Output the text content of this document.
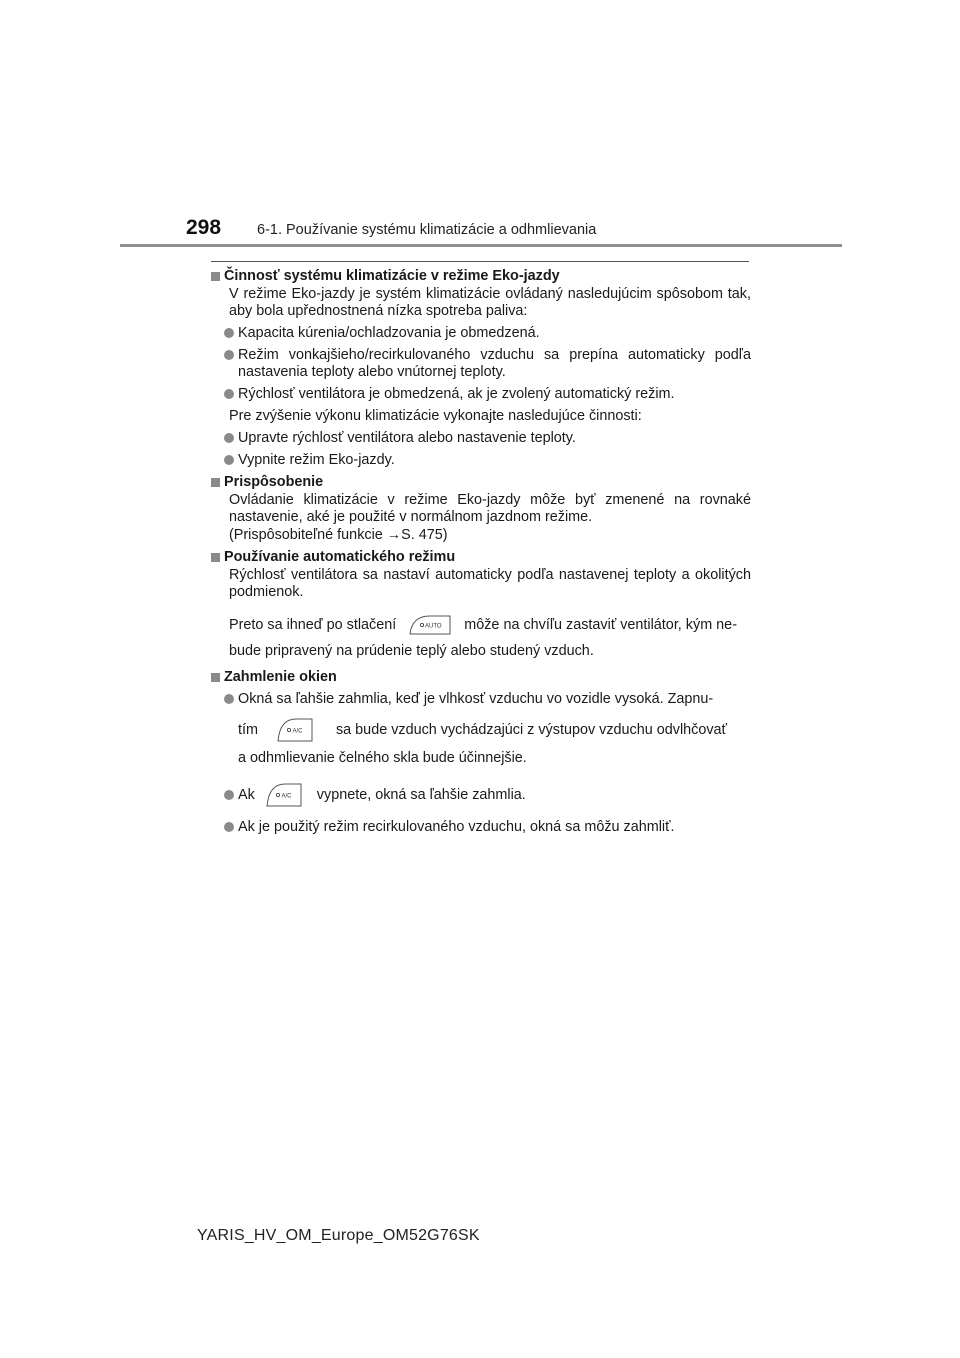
298 6-1. Používanie systému klimatizácie a odhmlievania
Činnosť systému klimatizácie v režime Eko-jazdy
V režime Eko-jazdy je systém klimatizácie ovládaný nasledujúcim spôsobom tak, aby bola upřednostnená nízka spotreba paliva:
Kapacita kúrenia/ochladzovania je obmedzená.
Režim vonkajšieho/recirkulovaného vzduchu sa prepína automaticky podľa nastavenia teploty alebo vnútornej teploty.
Rýchlosť ventilátora je obmedzená, ak je zvolený automatický režim.
Pre zvýšenie výkonu klimatizácie vykonajte nasledujúce činnosti:
Upravte rýchlosť ventilátora alebo nastavenie teploty.
Vypnite režim Eko-jazdy.
Prispôsobenie
Ovládanie klimatizácie v režime Eko-jazdy môže byť zmenené na rovnaké nastavenie, aké je použité v normálnom jazdnom režime.
(Prispôsobiteľné funkcie →S. 475)
Používanie automatického režimu
Rýchlosť ventilátora sa nastaví automaticky podľa nastavenej teploty a okolitých podmienok.
Preto sa ihneď po stlačení	AUTO môže na chvíľu zastaviť ventilátor, kým ne-
bude pripravený na prúdenie teplý alebo studený vzduch.
Zahmlenie okien
Okná sa ľahšie zahmlia, keď je vlhkosť vzduchu vo vozidle vysoká. Zapnu-
tím	A/C sa bude vzduch vychádzajúci z výstupov vzduchu odvlhčovať
a odhmlievanie čelného skla bude účinnejšie.
Ak	A/C vypnete, okná sa ľahšie zahmlia.
Ak je použitý režim recirkulovaného vzduchu, okná sa môžu zahmliť.
YARIS_HV_OM_Europe_OM52G76SK
